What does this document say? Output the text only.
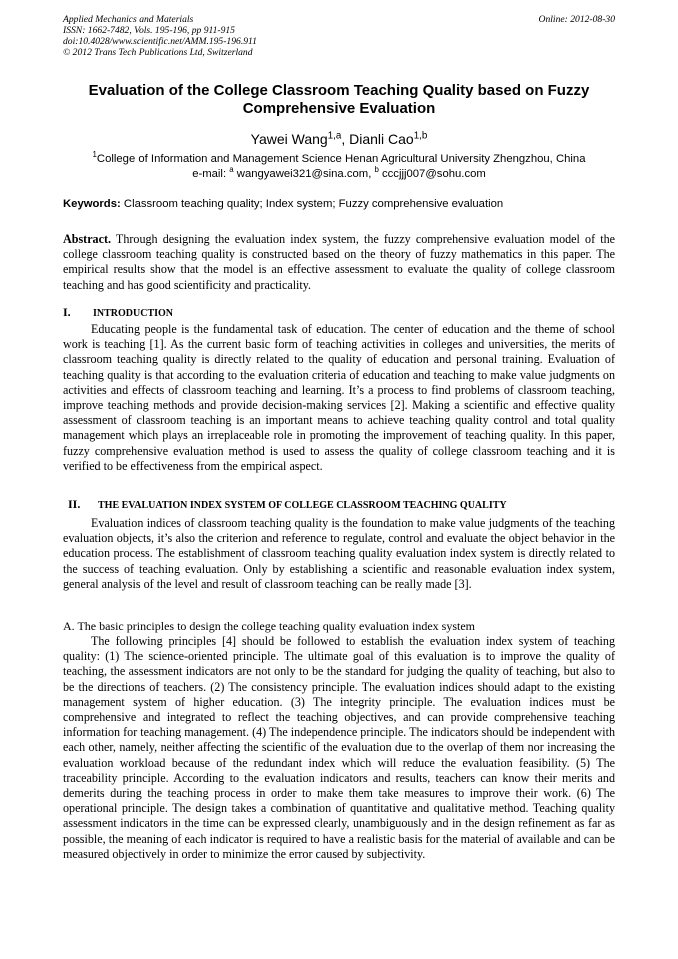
Applied Mechanics and Materials
ISSN: 1662-7482, Vols. 195-196, pp 911-915
doi:10.4028/www.scientific.net/AMM.195-196.911
© 2012 Trans Tech Publications Ltd, Switzerland
Online: 2012-08-30
Evaluation of the College Classroom Teaching Quality based on Fuzzy Comprehensive Evaluation
Yawei Wang$^{1,a}$, Dianli Cao$^{1,b}$
$^1$College of Information and Management Science Henan Agricultural University Zhengzhou, China
e-mail: $^a$ wangyawei321@sina.com, $^b$ cccjjj007@sohu.com
Keywords: Classroom teaching quality; Index system; Fuzzy comprehensive evaluation

Abstract. Through designing the evaluation index system, the fuzzy comprehensive evaluation model of the college classroom teaching quality is constructed based on the theory of fuzzy mathematics in this paper. The empirical results show that the model is an effective assessment to evaluate the quality of college classroom teaching and has good scientificity and practicality.

I. INTRODUCTION

Educating people is the fundamental task of education. The center of education and the theme of school work is teaching [1]. As the current basic form of teaching activities in colleges and universities, the merits of classroom teaching quality is directly related to the quality of education and personal training. Evaluation of teaching quality is that according to the evaluation criteria of education and teaching to make value judgments on activities and effects of classroom teaching and learning. It’s a process to find problems of classroom teaching, improve teaching methods and provide decision-making services [2]. Making a scientific and effective quality assessment of classroom teaching is an important means to achieve teaching quality control and total quality management which plays an irreplaceable role in promoting the improvement of teaching quality. In this paper, fuzzy comprehensive evaluation method is used to assess the quality of college classroom teaching and it is verified to be effectiveness from the empirical aspect.

II. THE EVALUATION INDEX SYSTEM OF COLLEGE CLASSROOM TEACHING QUALITY

Evaluation indices of classroom teaching quality is the foundation to make value judgments of the teaching evaluation objects, it’s also the criterion and reference to regulate, control and evaluate the object behavior in the education process. The establishment of classroom teaching quality evaluation index system is directly related to the success of teaching evaluation. Only by establishing a scientific and reasonable evaluation index system, general analysis of the level and result of classroom teaching can be really made [3].

A. The basic principles to design the college teaching quality evaluation index system

The following principles [4] should be followed to establish the evaluation index system of teaching quality: (1) The science-oriented principle. The ultimate goal of this evaluation is to improve the quality of teaching, the assessment indicators are not only to be the standard for judging the quality of teaching, but also to be the directions of teachers. (2) The consistency principle. The evaluation indices should adapt to the existing management system of higher education. (3) The integrity principle. The evaluation indices must be comprehensive and integrated to reflect the teaching objectives, and can provide comprehensive teaching information for teaching management. (4) The independence principle. The indicators should be independent with each other, namely, neither affecting the scientific of the evaluation due to the overlap of them nor increasing the evaluation workload because of the redundant index which will reduce the evaluation feasibility. (5) The traceability principle. According to the evaluation indicators and results, teachers can know their merits and demerits during the teaching process in order to make them take measures to improve their work. (6) The operational principle. The design takes a combination of quantitative and qualitative method. Teaching quality assessment indicators in the time can be expressed clearly, unambiguously and in the design refinement as far as possible, the meaning of each indicator is required to have a realistic basis for the material of available and can be measured objectively in order to minimize the error caused by subjectivity.
